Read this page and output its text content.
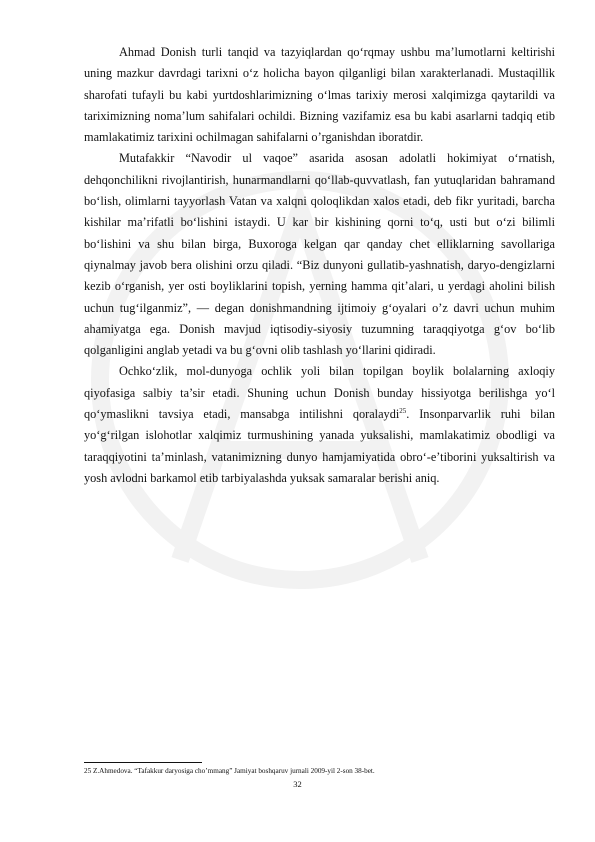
Ahmad Donish turli tanqid va tazyiqlardan qo‘rqmay ushbu ma’lumotlarni keltirishi uning mazkur davrdagi tarixni o‘z holicha bayon qilganligi bilan xarakterlanadi. Mustaqillik sharofati tufayli bu kabi yurtdoshlarimizning o‘lmas tarixiy merosi xalqimizga qaytarildi va tariximizning noma’lum sahifalari ochildi. Bizning vazifamiz esa bu kabi asarlarni tadqiq etib mamlakatimiz tarixini ochilmagan sahifalarni o’rganishdan iboratdir.

Mutafakkir “Navodir ul vaqoe” asarida asosan adolatli hokimiyat o‘rnatish, dehqonchilikni rivojlantirish, hunarmandlarni qo‘llab-quvvatlash, fan yutuqlaridan bahramand bo‘lish, olimlarni tayyorlash Vatan va xalqni qoloqlikdan xalos etadi, deb fikr yuritadi, barcha kishilar ma’rifatli bo‘lishini istaydi. U kar bir kishining qorni to‘q, usti but o‘zi bilimli bo‘lishini va shu bilan birga, Buxoroga kelgan qar qanday chet elliklarning savollariga qiynalmay javob bera olishini orzu qiladi. “Biz dunyoni gullatib-yashnatish, daryo-dengizlarni kezib o‘rganish, yer osti boyliklarini topish, yerning hamma qit’alari, u yerdagi aholini bilish uchun tug‘ilganmiz”, — degan donishmandning ijtimoiy g‘oyalari o’z davri uchun muhim ahamiyatga ega. Donish mavjud iqtisodiy-siyosiy tuzumning taraqqiyotga g‘ov bo‘lib qolganligini anglab yetadi va bu g‘ovni olib tashlash yo‘llarini qidiradi.

Ochko‘zlik, mol-dunyoga ochlik yoli bilan topilgan boylik bolalarning axloqiy qiyofasiga salbiy ta’sir etadi. Shuning uchun Donish bunday hissiyotga berilishga yo‘l qo‘ymaslikni tavsiya etadi, mansabga intilishni qoralaydi$^{25}$. Insonparvarlik ruhi bilan yo‘g‘rilgan islohotlar xalqimiz turmushining yanada yuksalishi, mamlakatimiz obodligi va taraqqiyotini ta’minlash, vatanimizning dunyo hamjamiyatida obro‘-e’tiborini yuksaltirish va yosh avlodni barkamol etib tarbiyalashda yuksak samaralar berishi aniq.

25 Z.Ahmedova. “Tafakkur daryosiga cho’mmang” Jamiyat boshqaruv jurnali 2009-yil 2-son 38-bet.
32
